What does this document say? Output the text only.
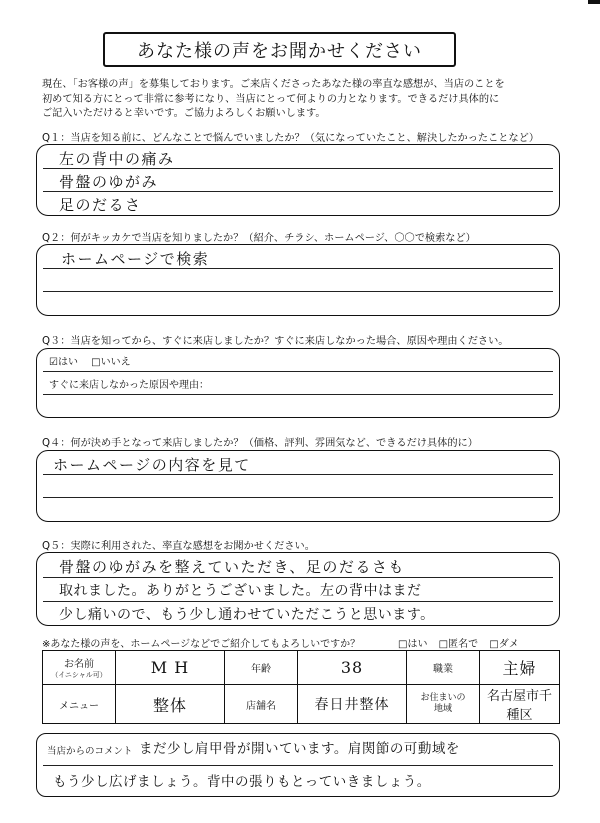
あなた様の声をお聞かせください
現在、「お客様の声」を募集しております。ご来店くださったあなた様の率直な感想が、当店のことを
初めて知る方にとって非常に参考になり、当店にとって何よりの力となります。できるだけ具体的に
ご記入いただけると幸いです。ご協力よろしくお願いします。
Q１：当店を知る前に、どんなことで悩んでいましたか？（気になっていたこと、解決したかったことなど）
左の背中の痛み
骨盤のゆがみ
足のだるさ
Q２：何がキッカケで当店を知りましたか？（紹介、チラシ、ホームページ、〇〇で検索など）
ホームページで検索
Q３：当店を知ってから、すぐに来店しましたか？すぐに来店しなかった場合、原因や理由ください。
☑はい □いいえ
すぐに来店しなかった原因や理由：
Q４：何が決め手となって来店しましたか？（価格、評判、雰囲気など、できるだけ具体的に）
ホームページの内容を見て
Q５：実際に利用された、率直な感想をお聞かせください。
骨盤のゆがみを整えていただき、足のだるさも
取れました。ありがとうございました。左の背中はまだ
少し痛いので、もう少し通わせていただこうと思います。
※あなた様の声を、ホームページなどでご紹介してもよろしいですか？	□はい □匿名で □ダメ
お名前
（イニシャル可）	M H	年齢	38	職業	主婦
メニュー	整体	店舗名	春日井整体	お住まいの
地域	名古屋市千種区
当店からのコメント まだ少し肩甲骨が開いています。肩関節の可動域を
もう少し広げましょう。背中の張りもとっていきましょう。
